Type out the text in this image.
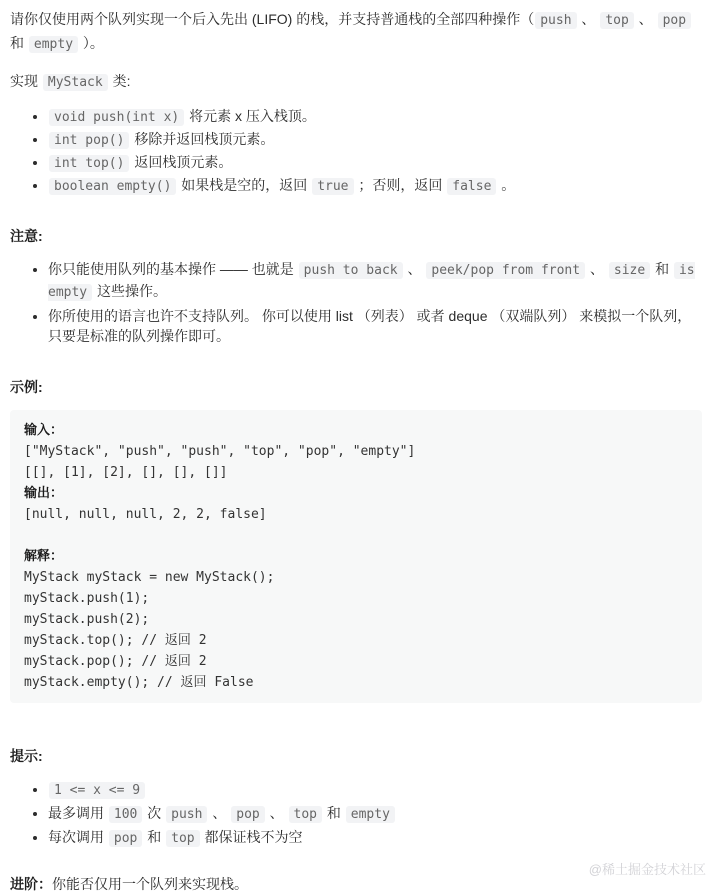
请你仅使用两个队列实现一个后入先出 (LIFO) 的栈，并支持普通栈的全部四种操作（ push 、 top 、 pop 和 empty ）。

实现 MyStack 类:

• void push(int x) 将元素 x 压入栈顶。
• int pop() 移除并返回栈顶元素。
• int top() 返回栈顶元素。
• boolean empty() 如果栈是空的，返回 true ；否则，返回 false 。

注意:

• 你只能使用队列的基本操作 —— 也就是 push to back 、 peek/pop from front 、 size 和 is empty 这些操作。
• 你所使用的语言也许不支持队列。 你可以使用 list （列表） 或者 deque （双端队列） 来模拟一个队列，只要是标准的队列操作即可。

示例:

输入：
["MyStack", "push", "push", "top", "pop", "empty"]
[[], [1], [2], [], [], []]
输出：
[null, null, null, 2, 2, false]
解释：
MyStack myStack = new MyStack();
myStack.push(1);
myStack.push(2);
myStack.top(); // 返回 2
myStack.pop(); // 返回 2
myStack.empty(); // 返回 False

提示:

• 1 <= x <= 9
• 最多调用 100 次 push 、 pop 、 top 和 empty
• 每次调用 pop 和 top 都保证栈不为空

进阶：你能否仅用一个队列来实现栈。

@稀土掘金技术社区
